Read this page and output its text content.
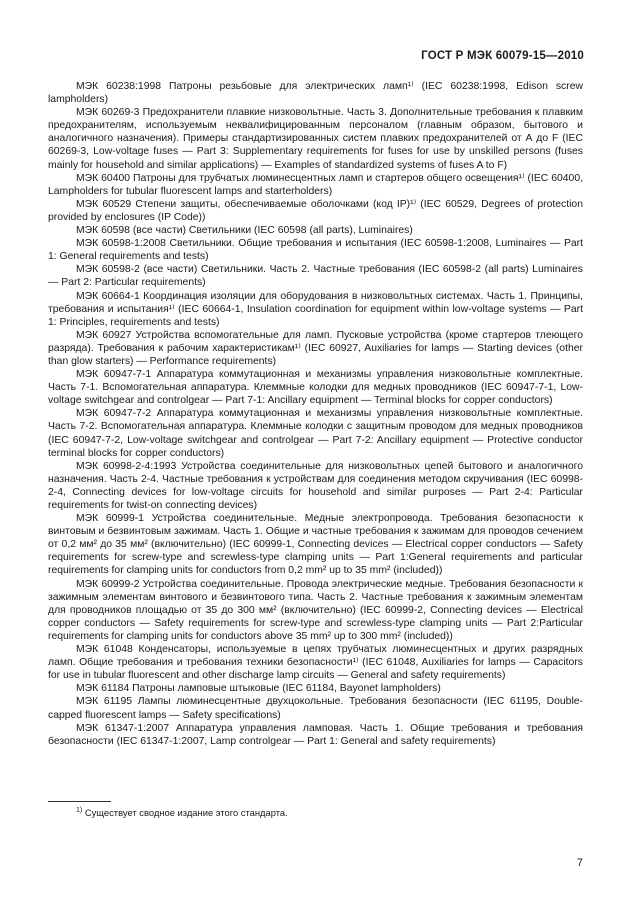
ГОСТ Р МЭК 60079-15—2010

МЭК 60238:1998 Патроны резьбовые для электрических ламп¹⁾ (IEC 60238:1998, Edison screw lampholders)

МЭК 60269-3 Предохранители плавкие низковольтные. Часть 3. Дополнительные требования к плавким предохранителям, используемым неквалифицированным персоналом (главным образом, бытового и аналогичного назначения). Примеры стандартизированных систем плавких предохранителей от А до F (IEC 60269-3, Low-voltage fuses — Part 3: Supplementary requirements for fuses for use by unskilled persons (fuses mainly for household and similar applications) — Examples of standardized systems of fuses A to F)

МЭК 60400 Патроны для трубчатых люминесцентных ламп и стартеров общего освещения¹⁾ (IEC 60400, Lampholders for tubular fluorescent lamps and starterholders)

МЭК 60529 Степени защиты, обеспечиваемые оболочками (код IP)¹⁾ (IEC 60529, Degrees of protection provided by enclosures (IP Code))

МЭК 60598 (все части) Светильники (IEC 60598 (all parts), Luminaires)

МЭК 60598-1:2008 Светильники. Общие требования и испытания (IEC 60598-1:2008, Luminaires — Part 1: General requirements and tests)

МЭК 60598-2 (все части) Светильники. Часть 2. Частные требования (IEC 60598-2 (all parts) Luminaires — Part 2: Particular requirements)

МЭК 60664-1 Координация изоляции для оборудования в низковольтных системах. Часть 1. Принципы, требования и испытания¹⁾ (IEC 60664-1, Insulation coordination for equipment within low-voltage systems — Part 1: Principles, requirements and tests)

МЭК 60927 Устройства вспомогательные для ламп. Пусковые устройства (кроме стартеров тлеющего разряда). Требования к рабочим характеристикам¹⁾ (IEC 60927, Auxiliaries for lamps — Starting devices (other than glow starters) — Performance requirements)

МЭК 60947-7-1 Аппаратура коммутационная и механизмы управления низковольтные комплектные. Часть 7-1. Вспомогательная аппаратура. Клеммные колодки для медных проводников (IEC 60947-7-1, Low-voltage switchgear and controlgear — Part 7-1: Ancillary equipment — Terminal blocks for copper conductors)

МЭК 60947-7-2 Аппаратура коммутационная и механизмы управления низковольтные комплектные. Часть 7-2. Вспомогательная аппаратура. Клеммные колодки с защитным проводом для медных проводников (IEC 60947-7-2, Low-voltage switchgear and controlgear — Part 7-2: Ancillary equipment — Protective conductor terminal blocks for copper conductors)

МЭК 60998-2-4:1993 Устройства соединительные для низковольтных цепей бытового и аналогичного назначения. Часть 2-4. Частные требования к устройствам для соединения методом скручивания (IEC 60998-2-4, Connecting devices for low-voltage circuits for household and similar purposes — Part 2-4: Particular requirements for twist-on connecting devices)

МЭК 60999-1 Устройства соединительные. Медные электропровода. Требования безопасности к винтовым и безвинтовым зажимам. Часть 1. Общие и частные требования к зажимам для проводов сечением от 0,2 мм² до 35 мм² (включительно) (IEC 60999-1, Connecting devices — Electrical copper conductors — Safety requirements for screw-type and screwless-type clamping units — Part 1:General requirements and particular requirements for clamping units for conductors from 0,2 mm² up to 35 mm² (included))

МЭК 60999-2 Устройства соединительные. Провода электрические медные. Требования безопасности к зажимным элементам винтового и безвинтового типа. Часть 2. Частные требования к зажимным элементам для проводников площадью от 35 до 300 мм² (включительно) (IEC 60999-2, Connecting devices — Electrical copper conductors — Safety requirements for screw-type and screwless-type clamping units — Part 2:Particular requirements for clamping units for conductors above 35 mm² up to 300 mm² (included))

МЭК 61048 Конденсаторы, используемые в цепях трубчатых люминесцентных и других разрядных ламп. Общие требования и требования техники безопасности¹⁾ (IEC 61048, Auxiliaries for lamps — Capacitors for use in tubular fluorescent and other discharge lamp circuits — General and safety requirements)

МЭК 61184 Патроны ламповые штыковые (IEC 61184, Bayonet lampholders)

МЭК 61195 Лампы люминесцентные двухцокольные. Требования безопасности (IEC 61195, Double-capped fluorescent lamps — Safety specifications)

МЭК 61347-1:2007 Аппаратура управления ламповая. Часть 1. Общие требования и требования безопасности (IEC 61347-1:2007, Lamp controlgear — Part 1: General and safety requirements)

$^{1)}$ Существует сводное издание этого стандарта.
7
